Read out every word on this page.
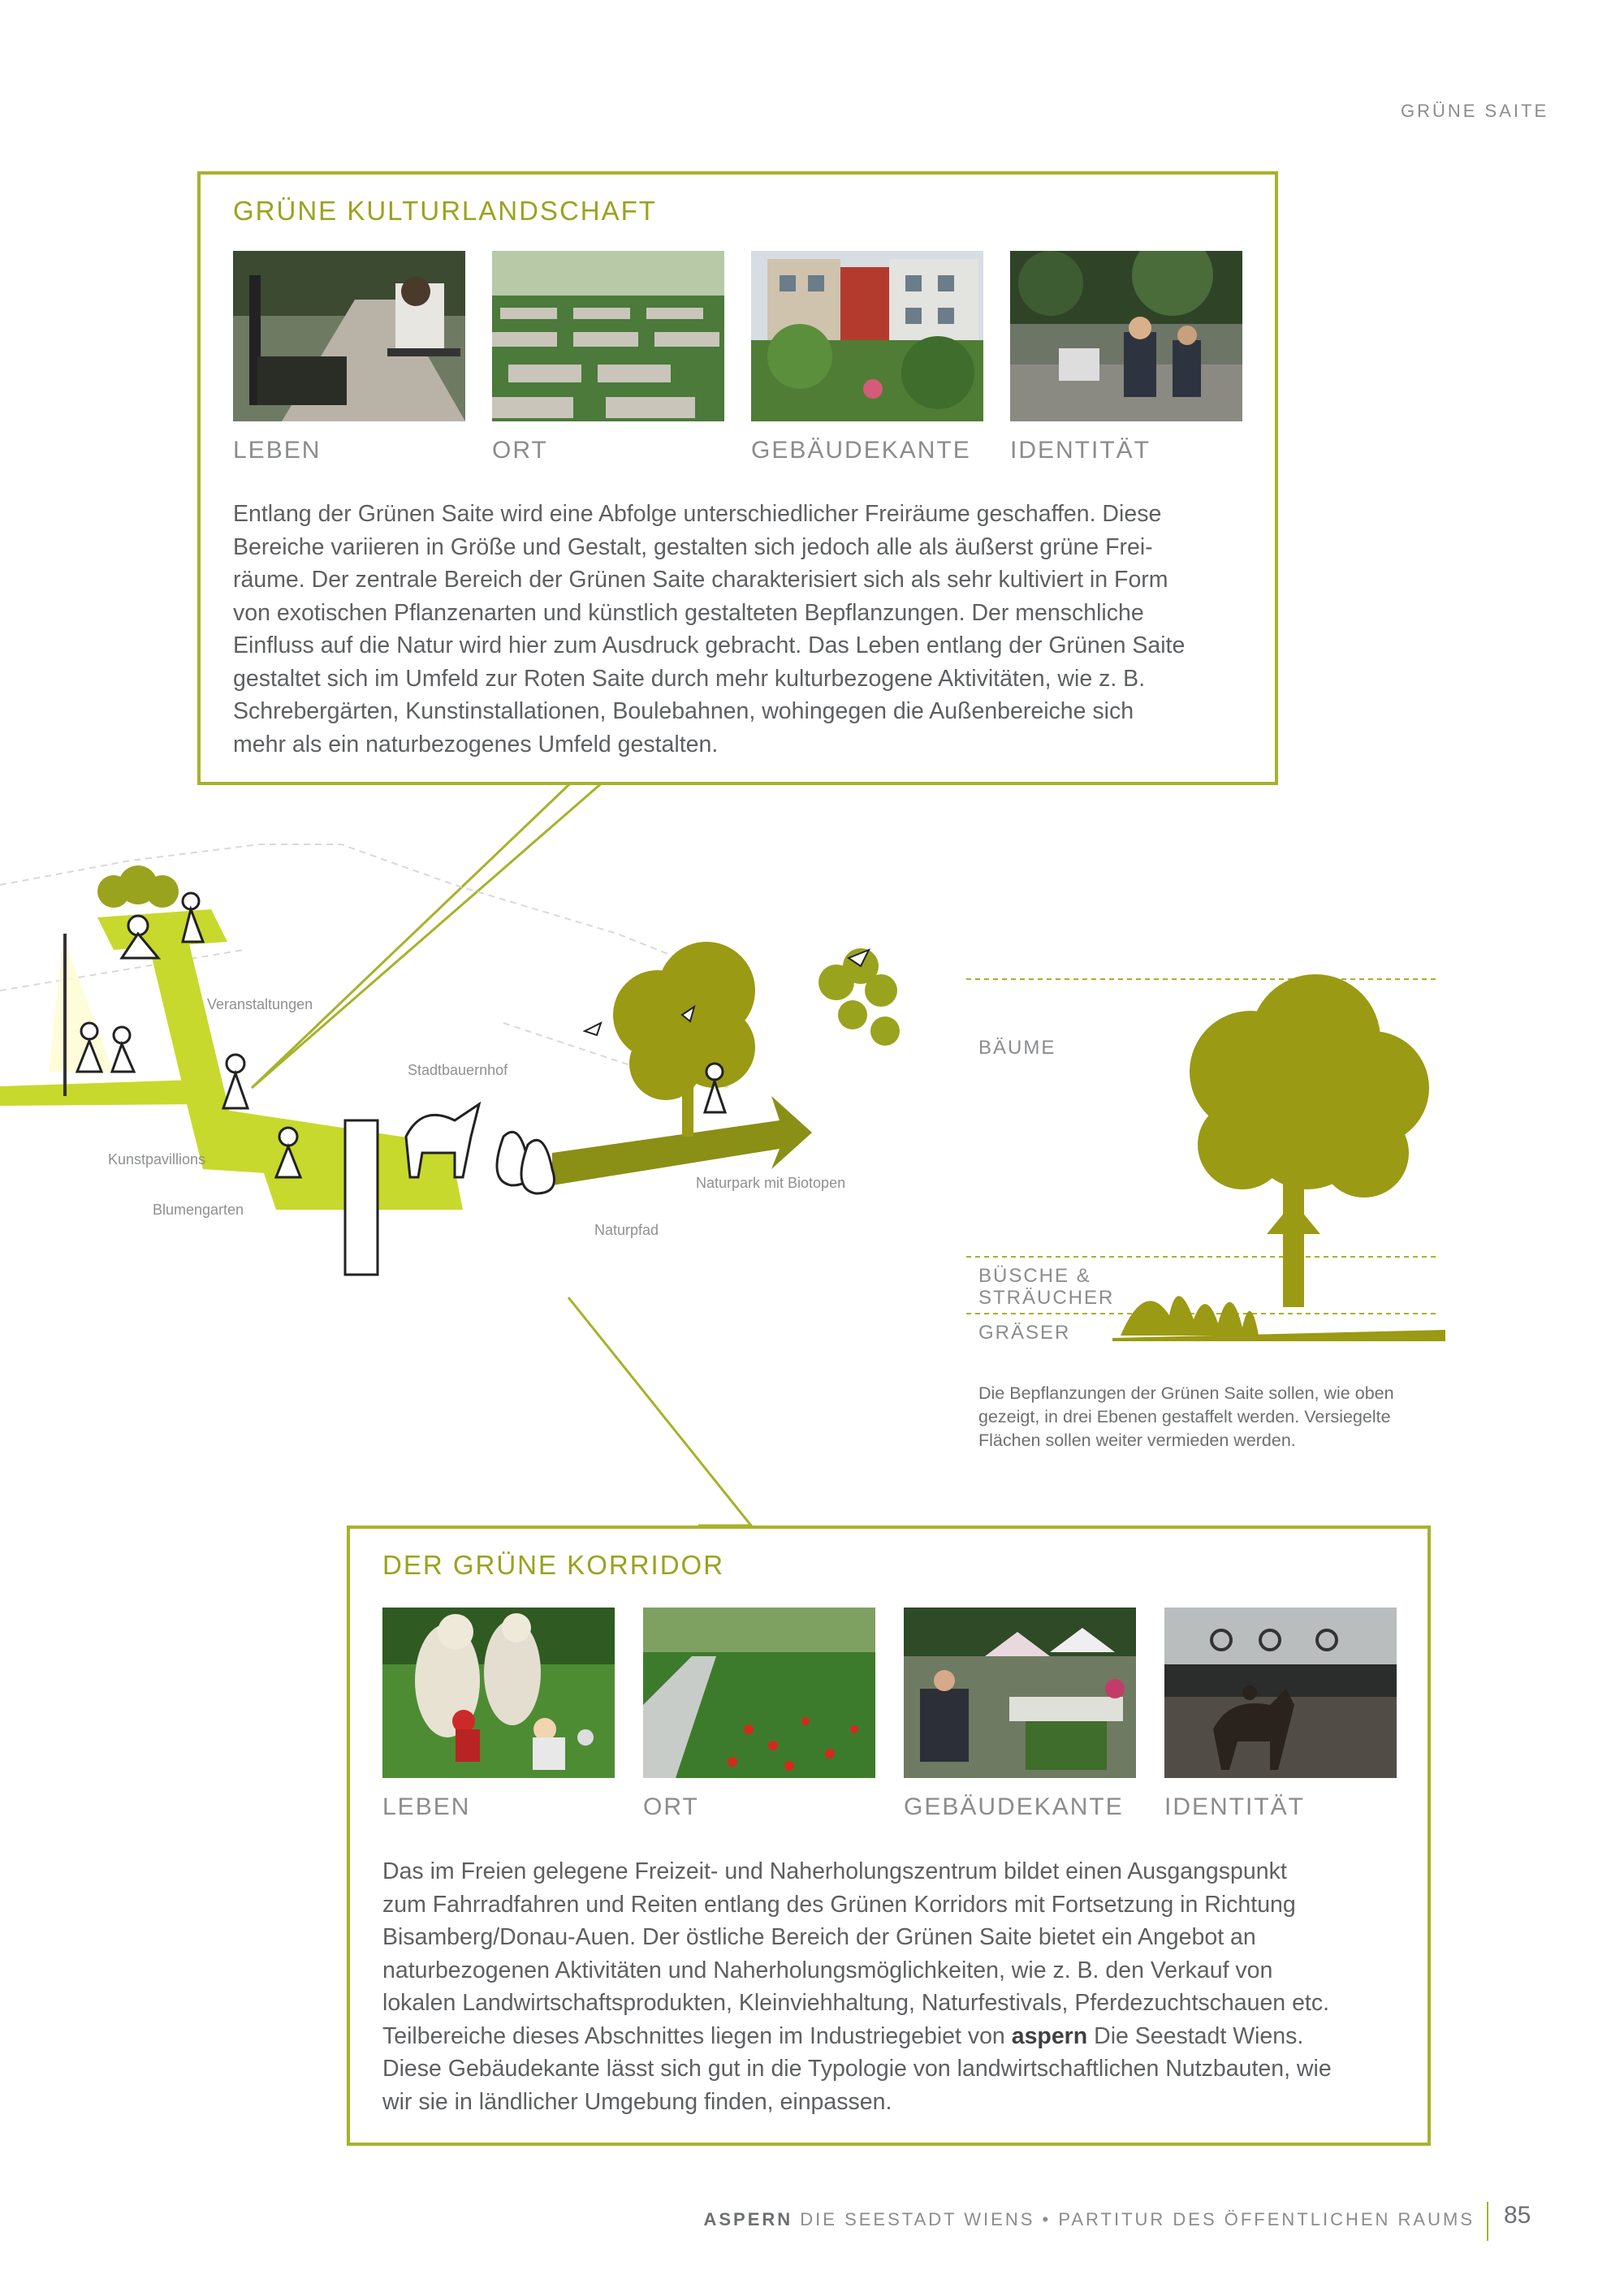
GRÜNE SAITE
GRÜNE KULTURLANDSCHAFT
LEBEN	ORT	GEBÄUDEKANTE IDENTITÄT
Entlang der Grünen Saite wird eine Abfolge unterschiedlicher Freiräume geschaffen. Diese
Bereiche variieren in Größe und Gestalt, gestalten sich jedoch alle als äußerst grüne Frei-
räume. Der zentrale Bereich der Grünen Saite charakterisiert sich als sehr kultiviert in Form
von exotischen Pflanzenarten und künstlich gestalteten Bepflanzungen. Der menschliche
Einfluss auf die Natur wird hier zum Ausdruck gebracht. Das Leben entlang der Grünen Saite
gestaltet sich im Umfeld zur Roten Saite durch mehr kulturbezogene Aktivitäten, wie z. B.
Schrebergärten, Kunstinstallationen, Boulebahnen, wohingegen die Außenbereiche sich
mehr als ein naturbezogenes Umfeld gestalten.
Veranstaltungen
Stadtbauernhof
Kunstpavillions
Blumengarten
Naturpark mit Biotopen
Naturpfad
BÄUME
BÜSCHE &
STRÄUCHER
GRÄSER
Die Bepflanzungen der Grünen Saite sollen, wie oben
gezeigt, in drei Ebenen gestaffelt werden. Versiegelte
Flächen sollen weiter vermieden werden.
DER GRÜNE KORRIDOR
LEBEN	ORT	GEBÄUDEKANTE IDENTITÄT
Das im Freien gelegene Freizeit- und Naherholungszentrum bildet einen Ausgangspunkt
zum Fahrradfahren und Reiten entlang des Grünen Korridors mit Fortsetzung in Richtung
Bisamberg/Donau-Auen. Der östliche Bereich der Grünen Saite bietet ein Angebot an
naturbezogenen Aktivitäten und Naherholungsmöglichkeiten, wie z. B. den Verkauf von
lokalen Landwirtschaftsprodukten, Kleinviehhaltung, Naturfestivals, Pferdezuchtschauen etc.
Teilbereiche dieses Abschnittes liegen im Industriegebiet von aspern Die Seestadt Wiens.
Diese Gebäudekante lässt sich gut in die Typologie von landwirtschaftlichen Nutzbauten, wie
wir sie in ländlicher Umgebung finden, einpassen.
ASPERN DIE SEESTADT WIENS • PARTITUR DES ÖFFENTLICHEN RAUMS 85
